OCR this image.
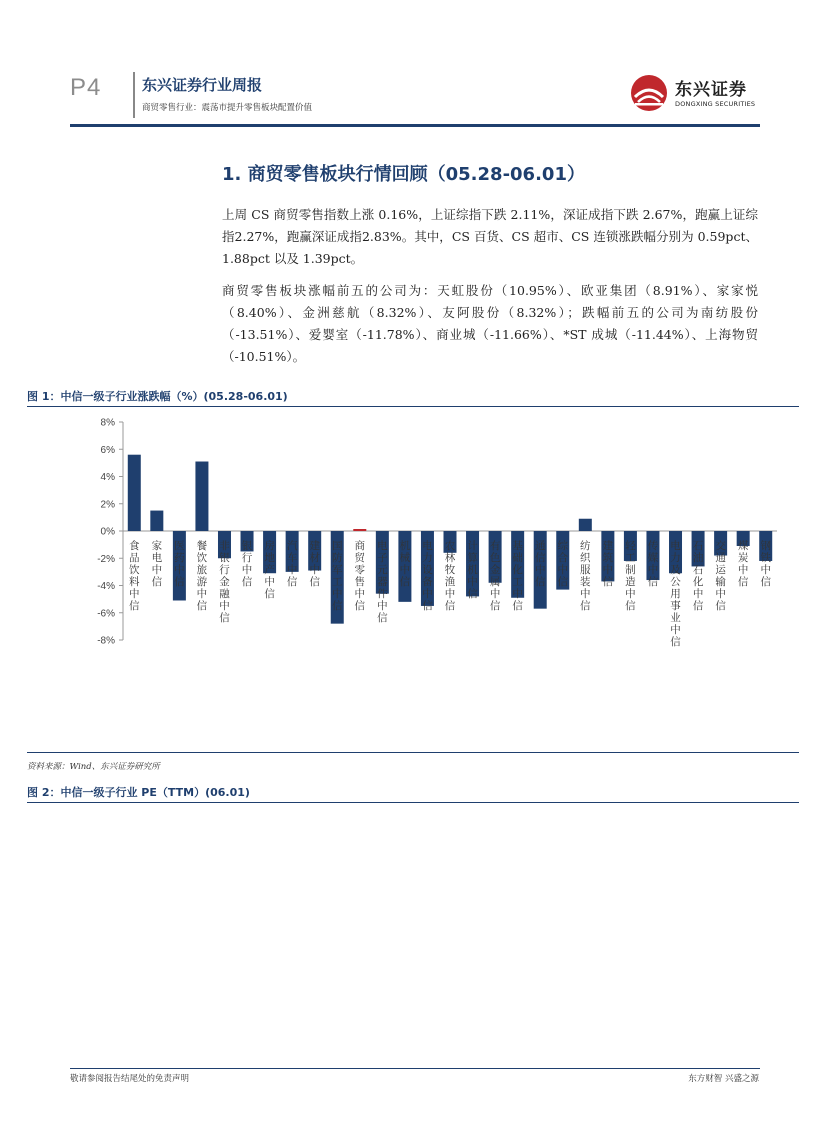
P4	东兴证券行业周报
商贸零售行业：震荡市提升零售板块配置价值
东兴证券
DONGXING SECURITIES
1. 商贸零售板块行情回顾（05.28-06.01）
上周 CS 商贸零售指数上涨 0.16%，上证综指下跌 2.11%，深证成指下跌 2.67%，跑赢上证综指2.27%，跑赢深证成指2.83%。其中，CS 百货、CS 超市、CS 连锁涨跌幅分别为 0.59pct、1.88pct 以及 1.39pct。
商贸零售板块涨幅前五的公司为：天虹股份（10.95%）、欧亚集团（8.91%）、家家悦（8.40%）、金洲慈航（8.32%）、友阿股份（8.32%）；跌幅前五的公司为南纺股份（-13.51%）、爱婴室（-11.78%）、商业城（-11.66%）、*ST 成城（-11.44%）、上海物贸（-10.51%）。
图 1：中信一级子行业涨跌幅（%）(05.28-06.01)
8%
6%
4%
2%
0%
-2%
-4%
-6%
-8%
食品饮料中信
家电中信
医药中信
餐饮旅游中信
非银行金融中信
银行中信
房地产中信
汽车中信
建材中信
国防军工中信
商贸零售中信
电子元器件中信
机械中信
电力设备中信
农林牧渔中信
计算机中信
有色金属中信
基础化工中信
通信中信
综合中信
纺织服装中信
建筑中信
轻工制造中信
传媒中信
电力及公用事业中信
石油石化中信
交通运输中信
煤炭中信
钢铁中信
资料来源：Wind、东兴证券研究所
图 2：中信一级子行业 PE（TTM）(06.01)
敬请参阅报告结尾处的免责声明	东方财智 兴盛之源
